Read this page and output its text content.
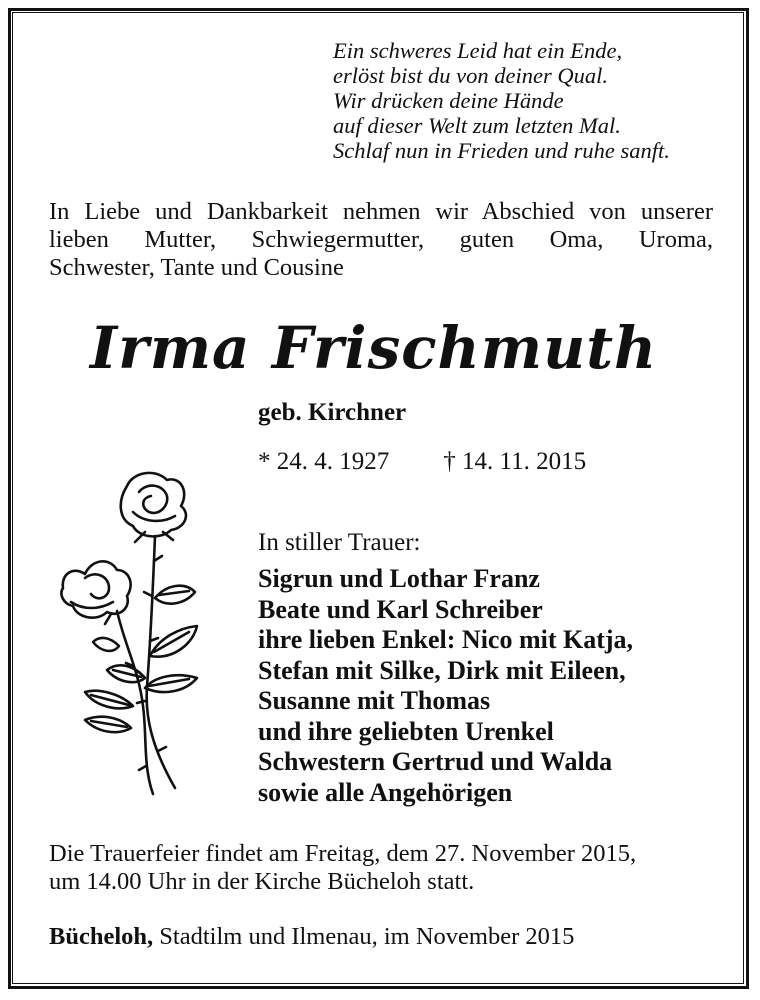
Ein schweres Leid hat ein Ende,
erlöst bist du von deiner Qual.
Wir drücken deine Hände
auf dieser Welt zum letzten Mal.
Schlaf nun in Frieden und ruhe sanft.
In Liebe und Dankbarkeit nehmen wir Abschied von unserer
lieben Mutter, Schwiegermutter, guten Oma, Uroma,
Schwester, Tante und Cousine
Irma Frischmuth
geb. Kirchner
* 24. 4. 1927 † 14. 11. 2015
In stiller Trauer:
Sigrun und Lothar Franz
Beate und Karl Schreiber
ihre lieben Enkel: Nico mit Katja,
Stefan mit Silke, Dirk mit Eileen,
Susanne mit Thomas
und ihre geliebten Urenkel
Schwestern Gertrud und Walda
sowie alle Angehörigen
Die Trauerfeier findet am Freitag, dem 27. November 2015,
um 14.00 Uhr in der Kirche Bücheloh statt.
Bücheloh, Stadtilm und Ilmenau, im November 2015
